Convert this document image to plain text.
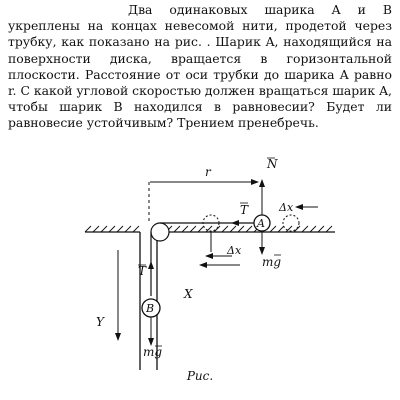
Два одинаковых шарика A и B укреплены на концах невесомой нити, продетой через трубку, как показано на рис. . Шарик A, находящийся на поверхности диска, вращается в горизонтальной плоскости. Расстояние от оси трубки до шарика A равно r. С какой угловой скоростью должен вращаться шарик A, чтобы шарик B находился в равновесии? Будет ли равновесие устойчивым? Трением пренебречь.

r
A
N
T	Δx
Δx
mg
X
T
B
mg
Y
Рис.
